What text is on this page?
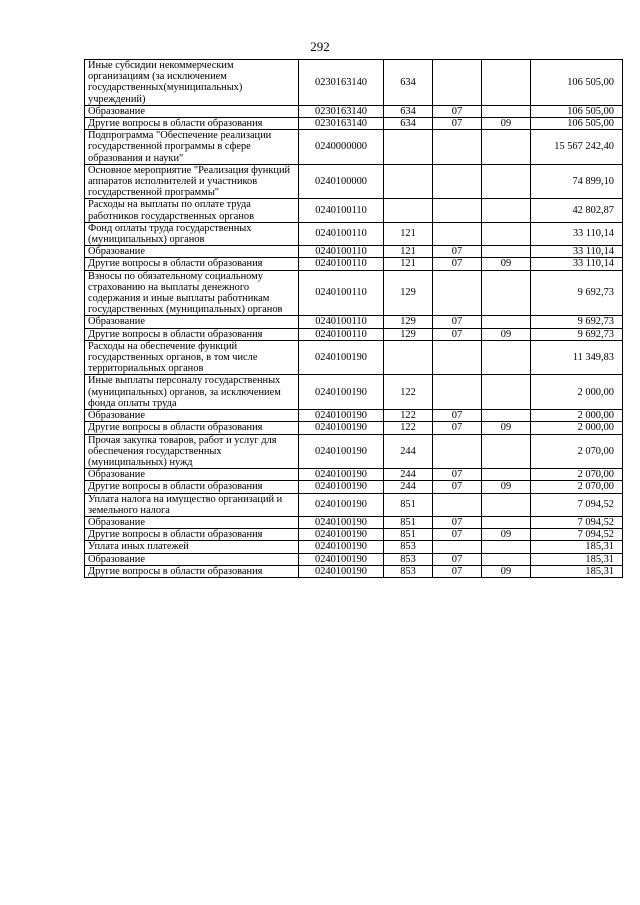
292
Иные субсидии некоммерческим организациям (за исключением государственных(муниципальных) учреждений)	0230163140	634			106 505,00
Образование	0230163140	634	07		106 505,00
Другие вопросы в области образования	0230163140	634	07	09	106 505,00
Подпрограмма "Обеспечение реализации государственной программы в сфере образования и науки"	0240000000				15 567 242,40
Основное мероприятие "Реализация функций аппаратов исполнителей и участников государственной программы"	0240100000				74 899,10
Расходы на выплаты по оплате труда работников государственных органов	0240100110				42 802,87
Фонд оплаты труда государственных (муниципальных) органов	0240100110	121			33 110,14
Образование	0240100110	121	07		33 110,14
Другие вопросы в области образования	0240100110	121	07	09	33 110,14
Взносы по обязательному социальному страхованию на выплаты денежного содержания и иные выплаты работникам государственных (муниципальных) органов	0240100110	129			9 692,73
Образование	0240100110	129	07		9 692,73
Другие вопросы в области образования	0240100110	129	07	09	9 692,73
Расходы на обеспечение функций государственных органов, в том числе территориальных органов	0240100190				11 349,83
Иные выплаты персоналу государственных (муниципальных) органов, за исключением фонда оплаты труда	0240100190	122			2 000,00
Образование	0240100190	122	07		2 000,00
Другие вопросы в области образования	0240100190	122	07	09	2 000,00
Прочая закупка товаров, работ и услуг для обеспечения государственных (муниципальных) нужд	0240100190	244			2 070,00
Образование	0240100190	244	07		2 070,00
Другие вопросы в области образования	0240100190	244	07	09	2 070,00
Уплата налога на имущество организаций и земельного налога	0240100190	851			7 094,52
Образование	0240100190	851	07		7 094,52
Другие вопросы в области образования	0240100190	851	07	09	7 094,52
Уплата иных платежей	0240100190	853			185,31
Образование	0240100190	853	07		185,31
Другие вопросы в области образования	0240100190	853	07	09	185,31
